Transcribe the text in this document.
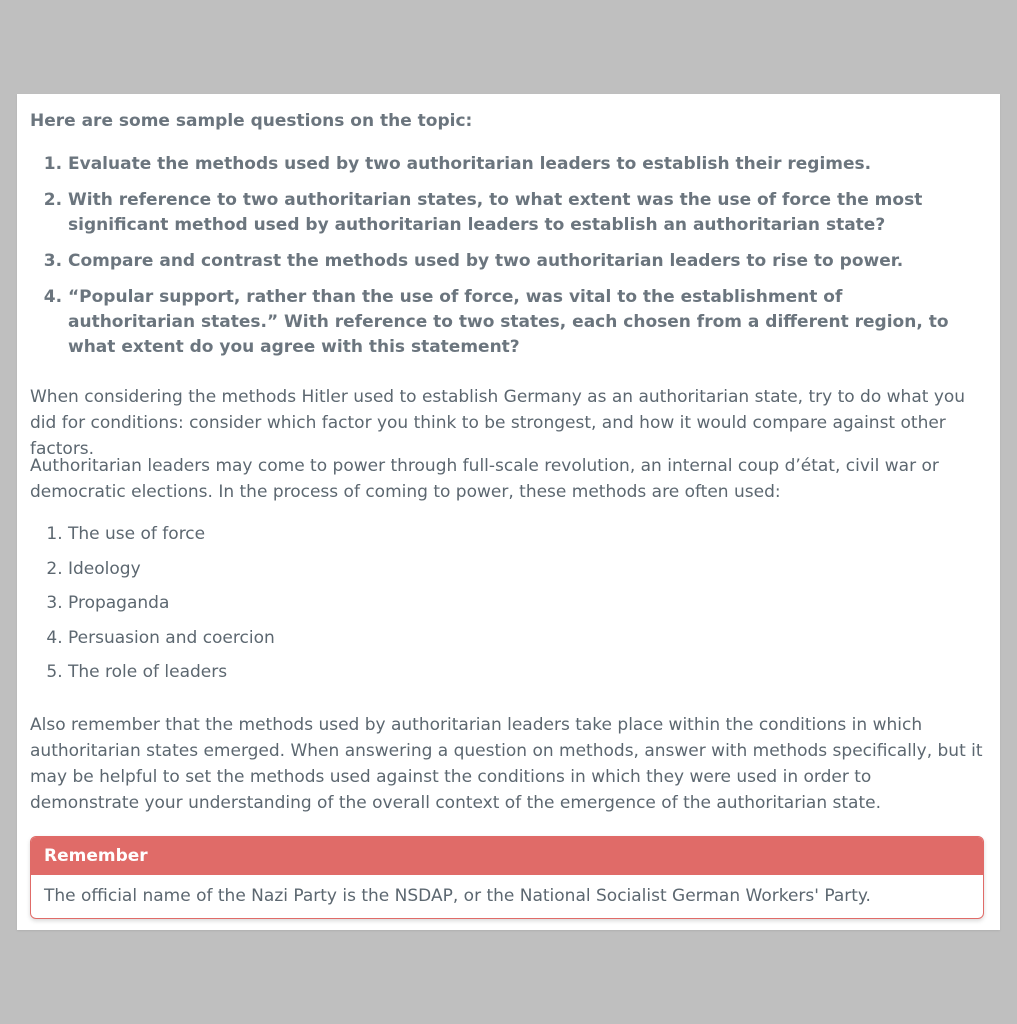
Here are some sample questions on the topic:

1. Evaluate the methods used by two authoritarian leaders to establish their regimes.
2. With reference to two authoritarian states, to what extent was the use of force the most significant method used by authoritarian leaders to establish an authoritarian state?
3. Compare and contrast the methods used by two authoritarian leaders to rise to power.
4. “Popular support, rather than the use of force, was vital to the establishment of authoritarian states.” With reference to two states, each chosen from a different region, to what extent do you agree with this statement?

When considering the methods Hitler used to establish Germany as an authoritarian state, try to do what you did for conditions: consider which factor you think to be strongest, and how it would compare against other factors.

Authoritarian leaders may come to power through full-scale revolution, an internal coup d’état, civil war or democratic elections. In the process of coming to power, these methods are often used:

1. The use of force
2. Ideology
3. Propaganda
4. Persuasion and coercion
5. The role of leaders

Also remember that the methods used by authoritarian leaders take place within the conditions in which authoritarian states emerged. When answering a question on methods, answer with methods specifically, but it may be helpful to set the methods used against the conditions in which they were used in order to demonstrate your understanding of the overall context of the emergence of the authoritarian state.

Remember
The official name of the Nazi Party is the NSDAP, or the National Socialist German Workers' Party.
